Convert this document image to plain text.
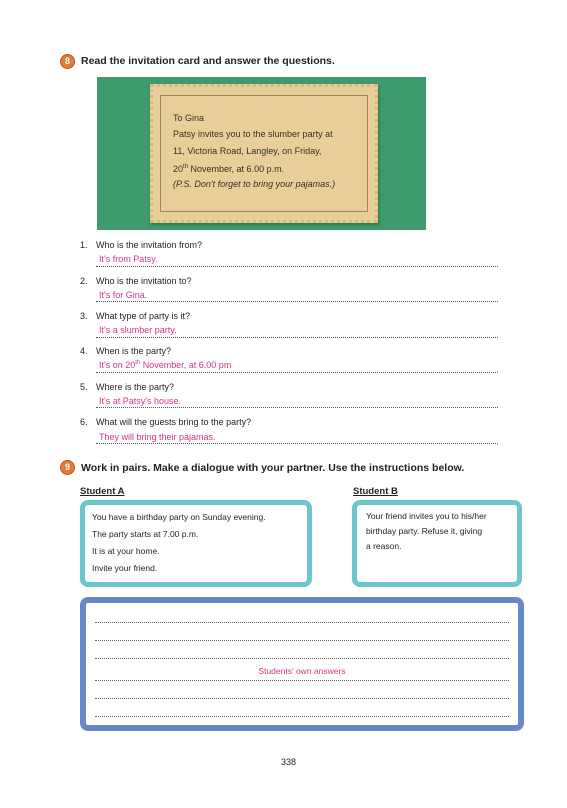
8	Read the invitation card and answer the questions.
To Gina
Patsy invites you to the slumber party at
11, Victoria Road, Langley, on Friday,
20th November, at 6.00 p.m.
(P.S. Don't forget to bring your pajamas.)
1. Who is the invitation from?
It's from Patsy.
2. Who is the invitation to?
It's for Gina.
3. What type of party is it?
It's a slumber party.
4. When is the party?
It's on 20th November, at 6.00 pm
5. Where is the party?
It's at Patsy's house.
6. What will the guests bring to the party?
They will bring their pajamas.
9	Work in pairs. Make a dialogue with your partner. Use the instructions below.
Student A	Student B
You have a birthday party on Sunday evening.
The party starts at 7.00 p.m.
It is at your home.
Invite your friend.
Your friend invites you to his/her
birthday party. Refuse it, giving
a reason.
Students' own answers
338
